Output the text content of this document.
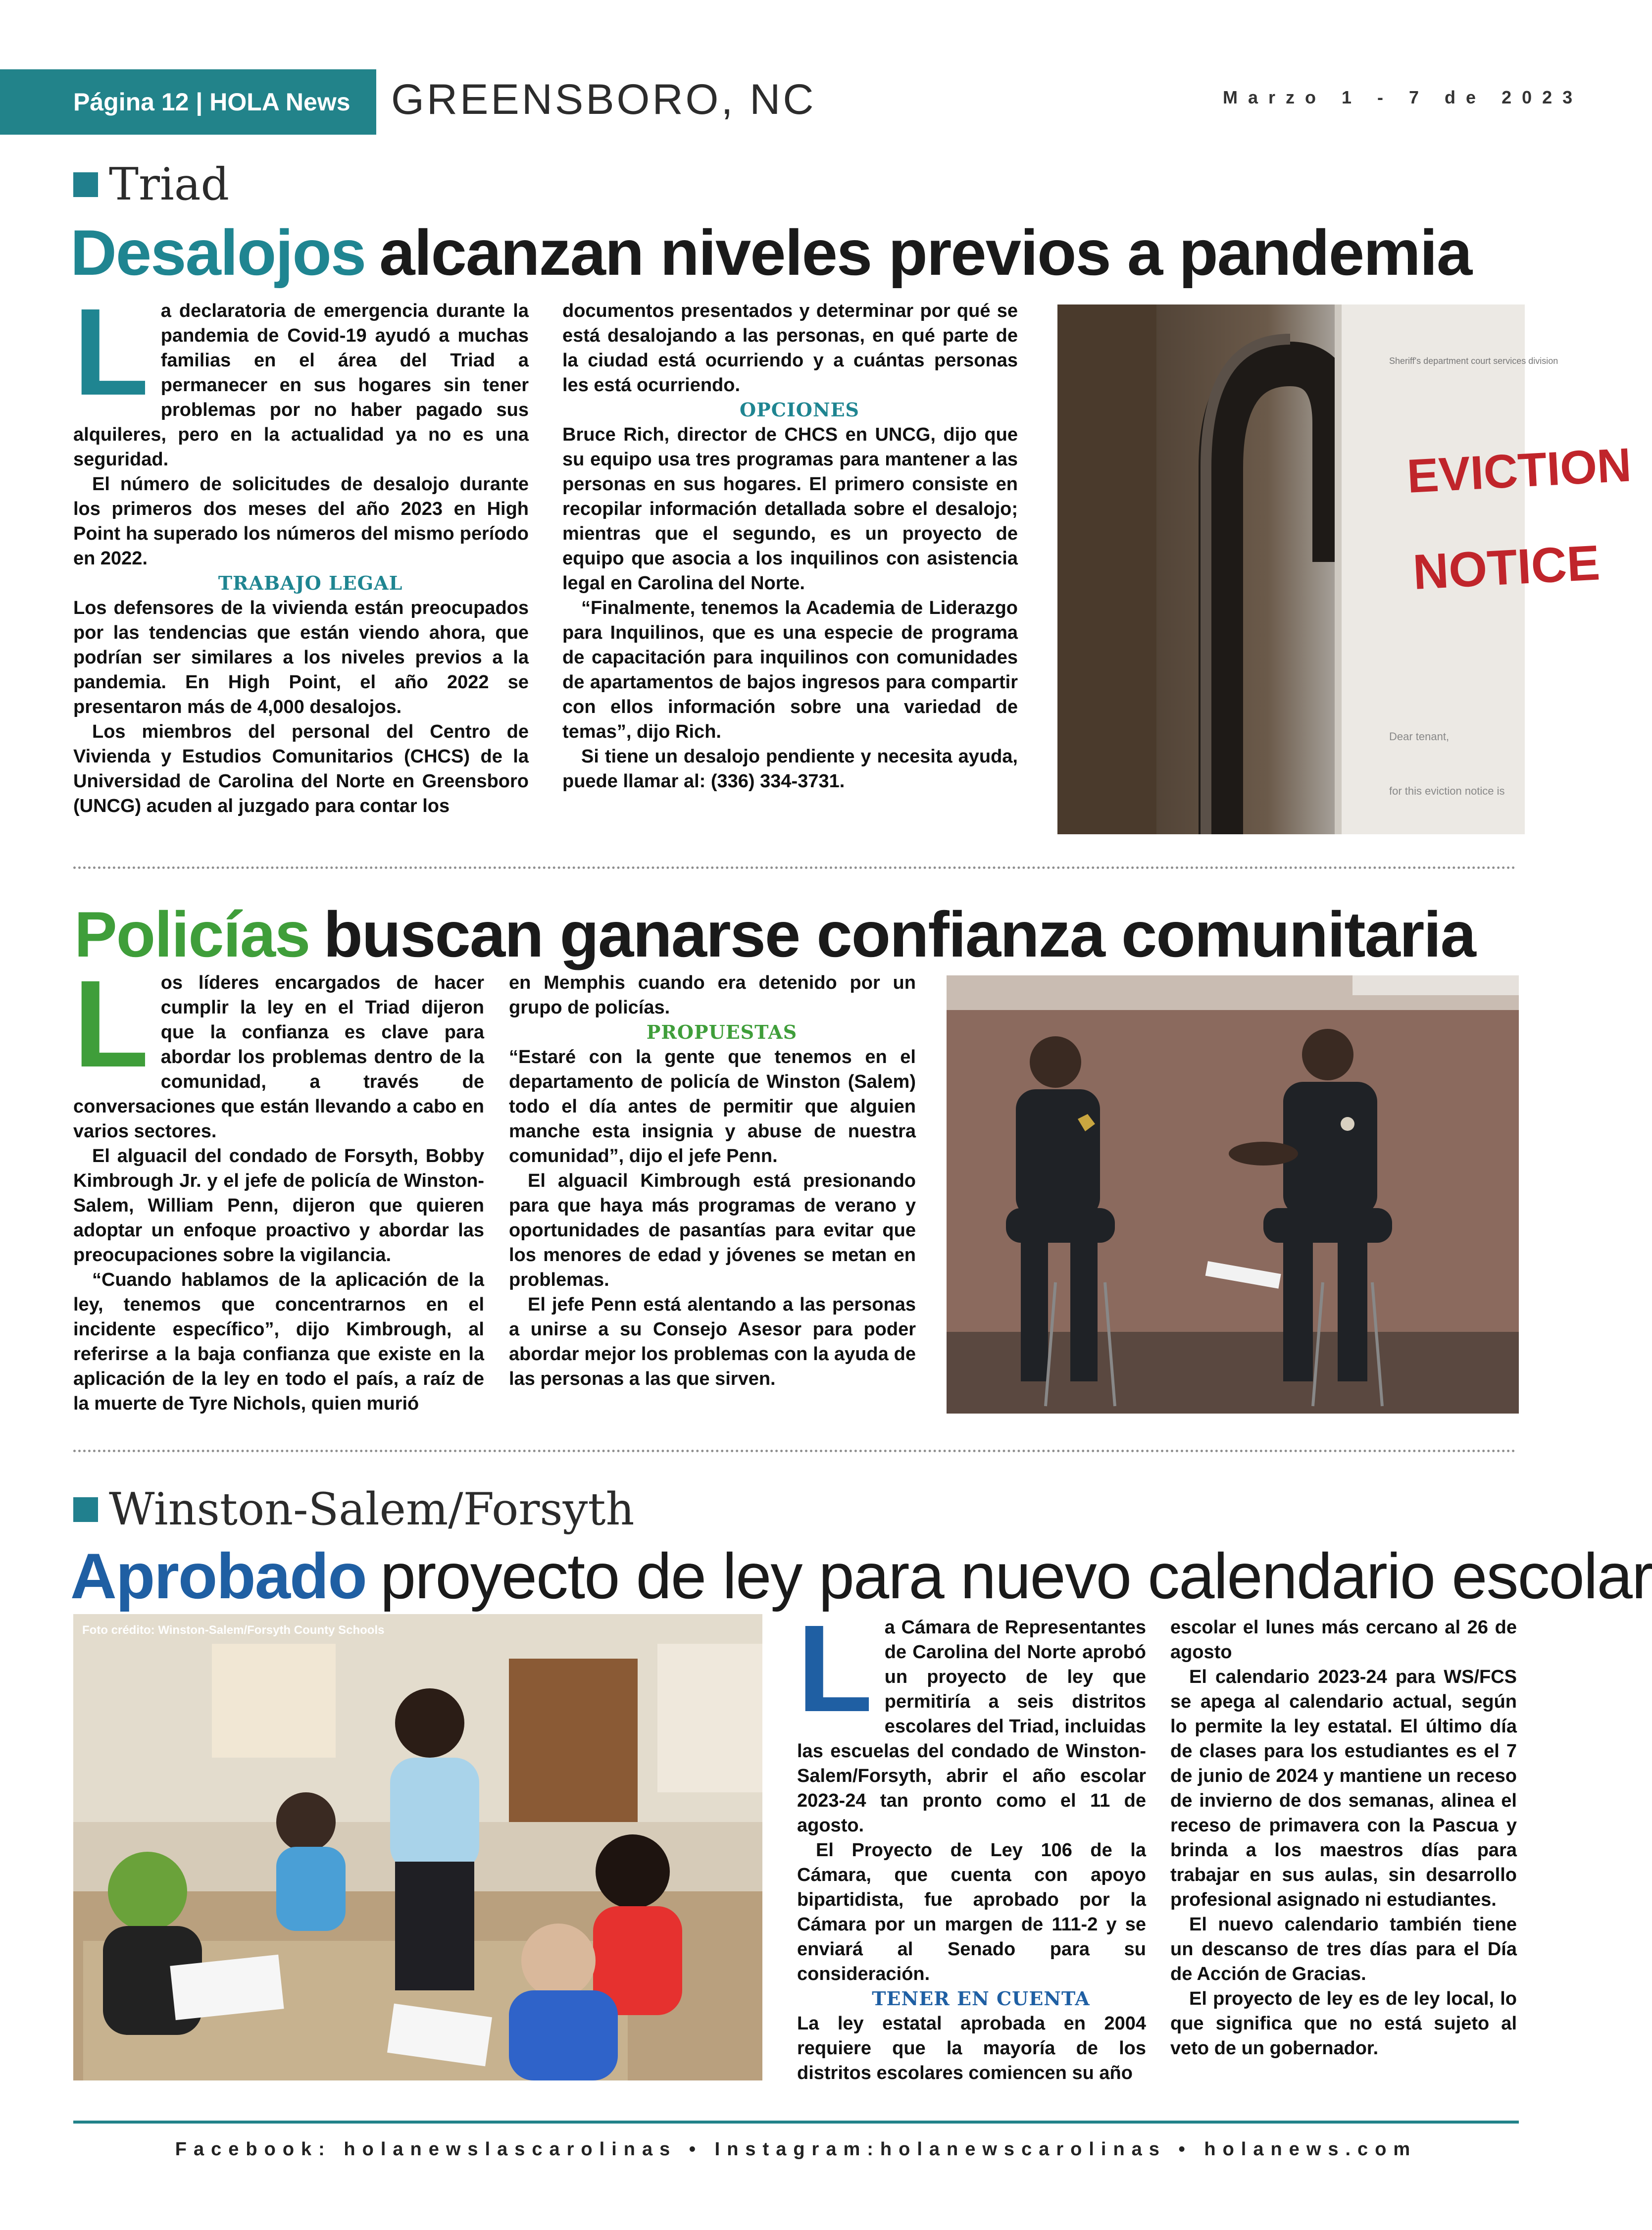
Página 12 | HOLA News GREENSBORO, NC	Marzo 1 - 7 de 2023
Triad
Desalojos alcanzan niveles previos a pandemia
L a declaratoria de emergencia durante la pandemia de Covid-19 ayudó a muchas familias en el área del Triad a permanecer en sus hogares sin tener problemas por no haber pagado sus alquileres, pero en la actualidad ya no es una seguridad.

El número de solicitudes de desalojo durante los primeros dos meses del año 2023 en High Point ha superado los números del mismo período en 2022.

TRABAJO LEGAL

Los defensores de la vivienda están preocupados por las tendencias que están viendo ahora, que podrían ser similares a los niveles previos a la pandemia. En High Point, el año 2022 se presentaron más de 4,000 desalojos.

Los miembros del personal del Centro de Vivienda y Estudios Comunitarios (CHCS) de la Universidad de Carolina del Norte en Greensboro (UNCG) acuden al juzgado para contar los

documentos presentados y determinar por qué se está desalojando a las personas, en qué parte de la ciudad está ocurriendo y a cuántas personas les está ocurriendo.

OPCIONES

Bruce Rich, director de CHCS en UNCG, dijo que su equipo usa tres programas para mantener a las personas en sus hogares. El primero consiste en recopilar información detallada sobre el desalojo; mientras que el segundo, es un proyecto de equipo que asocia a los inquilinos con asistencia legal en Carolina del Norte.

“Finalmente, tenemos la Academia de Liderazgo para Inquilinos, que es una especie de programa de capacitación para inquilinos con comunidades de apartamentos de bajos ingresos para compartir con ellos información sobre una variedad de temas”, dijo Rich.

Si tiene un desalojo pendiente y necesita ayuda, puede llamar al: (336) 334-3731.

Sheriff's department court services division
EVICTION
NOTICE
Dear tenant,
for this eviction notice is
Policías buscan ganarse confianza comunitaria
L os líderes encargados de hacer cumplir la ley en el Triad dijeron que la confianza es clave para abordar los problemas dentro de la comunidad, a través de conversaciones que están llevando a cabo en varios sectores.

El alguacil del condado de Forsyth, Bobby Kimbrough Jr. y el jefe de policía de Winston-Salem, William Penn, dijeron que quieren adoptar un enfoque proactivo y abordar las preocupaciones sobre la vigilancia.

“Cuando hablamos de la aplicación de la ley, tenemos que concentrarnos en el incidente específico”, dijo Kimbrough, al referirse a la baja confianza que existe en la aplicación de la ley en todo el país, a raíz de la muerte de Tyre Nichols, quien murió

en Memphis cuando era detenido por un grupo de policías.

PROPUESTAS

“Estaré con la gente que tenemos en el departamento de policía de Winston (Salem) todo el día antes de permitir que alguien manche esta insignia y abuse de nuestra comunidad”, dijo el jefe Penn.

El alguacil Kimbrough está presionando para que haya más programas de verano y oportunidades de pasantías para evitar que los menores de edad y jóvenes se metan en problemas.

El jefe Penn está alentando a las personas a unirse a su Consejo Asesor para poder abordar mejor los problemas con la ayuda de las personas a las que sirven.

Winston-Salem/Forsyth
Aprobado proyecto de ley para nuevo calendario escolar
Foto crédito: Winston-Salem/Forsyth County Schools	L a Cámara de Representantes de Carolina del Norte aprobó un proyecto de ley que permitiría a seis distritos escolares del Triad, incluidas las escuelas del condado de Winston-Salem/Forsyth, abrir el año escolar 2023-24 tan pronto como el 11 de agosto.

El Proyecto de Ley 106 de la Cámara, que cuenta con apoyo bipartidista, fue aprobado por la Cámara por un margen de 111-2 y se enviará al Senado para su consideración.

TENER EN CUENTA

La ley estatal aprobada en 2004 requiere que la mayoría de los distritos escolares comiencen su año

escolar el lunes más cercano al 26 de agosto

El calendario 2023-24 para WS/FCS se apega al calendario actual, según lo permite la ley estatal. El último día de clases para los estudiantes es el 7 de junio de 2024 y mantiene un receso de invierno de dos semanas, alinea el receso de primavera con la Pascua y brinda a los maestros días para trabajar en sus aulas, sin desarrollo profesional asignado ni estudiantes.

El nuevo calendario también tiene un descanso de tres días para el Día de Acción de Gracias.

El proyecto de ley es de ley local, lo que significa que no está sujeto al veto de un gobernador.

Facebook: holanewslascarolinas • Instagram:holanewscarolinas • holanews.com
